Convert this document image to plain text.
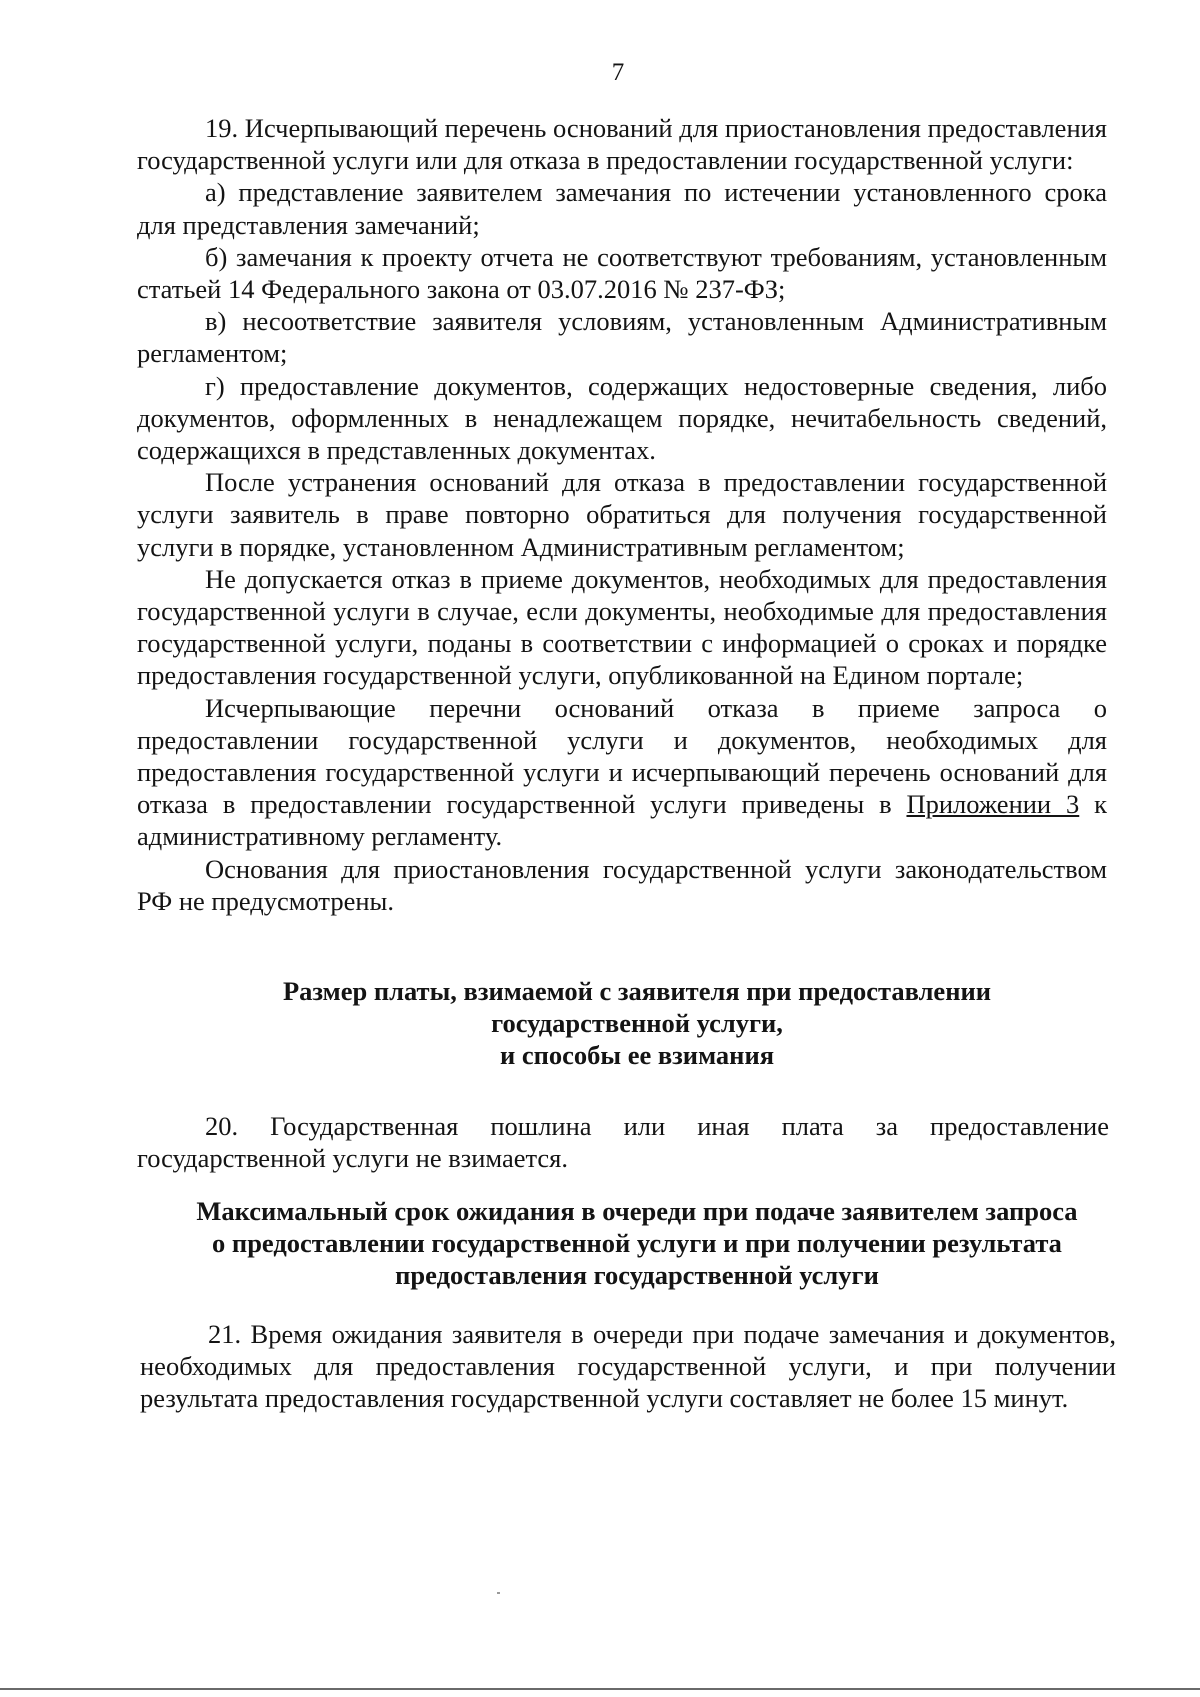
7

19. Исчерпывающий перечень оснований для приостановления предоставления государственной услуги или для отказа в предоставлении государственной услуги:

а) представление заявителем замечания по истечении установленного срока для представления замечаний;

б) замечания к проекту отчета не соответствуют требованиям, установленным статьей 14 Федерального закона от 03.07.2016 № 237-ФЗ;

в) несоответствие заявителя условиям, установленным Административным регламентом;

г) предоставление документов, содержащих недостоверные сведения, либо документов, оформленных в ненадлежащем порядке, нечитабельность сведений, содержащихся в представленных документах.

После устранения оснований для отказа в предоставлении государственной услуги заявитель в праве повторно обратиться для получения государственной услуги в порядке, установленном Административным регламентом;

Не допускается отказ в приеме документов, необходимых для предоставления государственной услуги в случае, если документы, необходимые для предоставления государственной услуги, поданы в соответствии с информацией о сроках и порядке предоставления государственной услуги, опубликованной на Едином портале;

Исчерпывающие перечни оснований отказа в приеме запроса о предоставлении государственной услуги и документов, необходимых для предоставления государственной услуги и исчерпывающий перечень оснований для отказа в предоставлении государственной услуги приведены в Приложении 3 к административному регламенту.

Основания для приостановления государственной услуги законодательством РФ не предусмотрены.

Размер платы, взимаемой с заявителя при предоставлении
государственной услуги,
и способы ее взимания

20. Государственная пошлина или иная плата за предоставление государственной услуги не взимается.

Максимальный срок ожидания в очереди при подаче заявителем запроса
о предоставлении государственной услуги и при получении результата
предоставления государственной услуги

21. Время ожидания заявителя в очереди при подаче замечания и документов, необходимых для предоставления государственной услуги, и при получении результата предоставления государственной услуги составляет не более 15 минут.
